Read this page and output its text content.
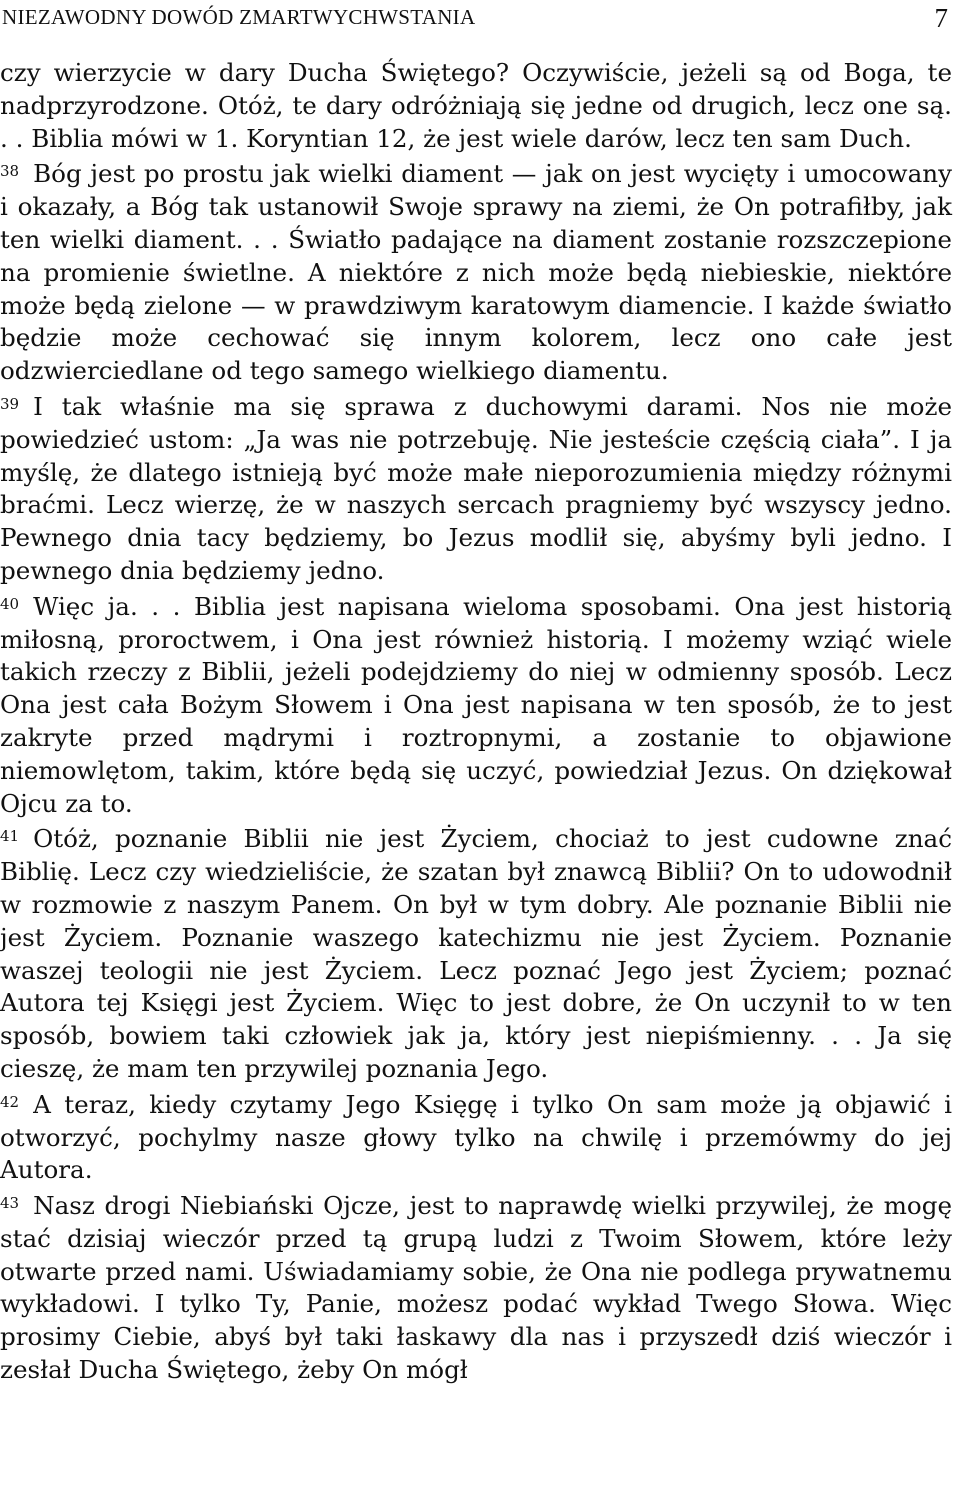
NIEZAWODNY DOWÓD ZMARTWYCHWSTANIA	7

czy wierzycie w dary Ducha Świętego? Oczywiście, jeżeli są od Boga, te nadprzyrodzone. Otóż, te dary odróżniają się jedne od drugich, lecz one są. . . Biblia mówi w 1. Koryntian 12, że jest wiele darów, lecz ten sam Duch.

$^{38}$ Bóg jest po prostu jak wielki diament — jak on jest wycięty i umocowany i okazały, a Bóg tak ustanowił Swoje sprawy na ziemi, że On potrafiłby, jak ten wielki diament. . . Światło padające na diament zostanie rozszczepione na promienie świetlne. A niektóre z nich może będą niebieskie, niektóre może będą zielone — w prawdziwym karatowym diamencie. I każde światło będzie może cechować się innym kolorem, lecz ono całe jest odzwierciedlane od tego samego wielkiego diamentu.

$^{39}$ I tak właśnie ma się sprawa z duchowymi darami. Nos nie może powiedzieć ustom: „Ja was nie potrzebuję. Nie jesteście częścią ciała”. I ja myślę, że dlatego istnieją być może małe nieporozumienia między różnymi braćmi. Lecz wierzę, że w naszych sercach pragniemy być wszyscy jedno. Pewnego dnia tacy będziemy, bo Jezus modlił się, abyśmy byli jedno. I pewnego dnia będziemy jedno.

$^{40}$ Więc ja. . . Biblia jest napisana wieloma sposobami. Ona jest historią miłosną, proroctwem, i Ona jest również historią. I możemy wziąć wiele takich rzeczy z Biblii, jeżeli podejdziemy do niej w odmienny sposób. Lecz Ona jest cała Bożym Słowem i Ona jest napisana w ten sposób, że to jest zakryte przed mądrymi i roztropnymi, a zostanie to objawione niemowlętom, takim, które będą się uczyć, powiedział Jezus. On dziękował Ojcu za to.

$^{41}$ Otóż, poznanie Biblii nie jest Życiem, chociaż to jest cudowne znać Biblię. Lecz czy wiedzieliście, że szatan był znawcą Biblii? On to udowodnił w rozmowie z naszym Panem. On był w tym dobry. Ale poznanie Biblii nie jest Życiem. Poznanie waszego katechizmu nie jest Życiem. Poznanie waszej teologii nie jest Życiem. Lecz poznać Jego jest Życiem; poznać Autora tej Księgi jest Życiem. Więc to jest dobre, że On uczynił to w ten sposób, bowiem taki człowiek jak ja, który jest niepiśmienny. . . Ja się cieszę, że mam ten przywilej poznania Jego.

$^{42}$ A teraz, kiedy czytamy Jego Księgę i tylko On sam może ją objawić i otworzyć, pochylmy nasze głowy tylko na chwilę i przemówmy do jej Autora.

$^{43}$ Nasz drogi Niebiański Ojcze, jest to naprawdę wielki przywilej, że mogę stać dzisiaj wieczór przed tą grupą ludzi z Twoim Słowem, które leży otwarte przed nami. Uświadamiamy sobie, że Ona nie podlega prywatnemu wykładowi. I tylko Ty, Panie, możesz podać wykład Twego Słowa. Więc prosimy Ciebie, abyś był taki łaskawy dla nas i przyszedł dziś wieczór i zesłał Ducha Świętego, żeby On mógł
